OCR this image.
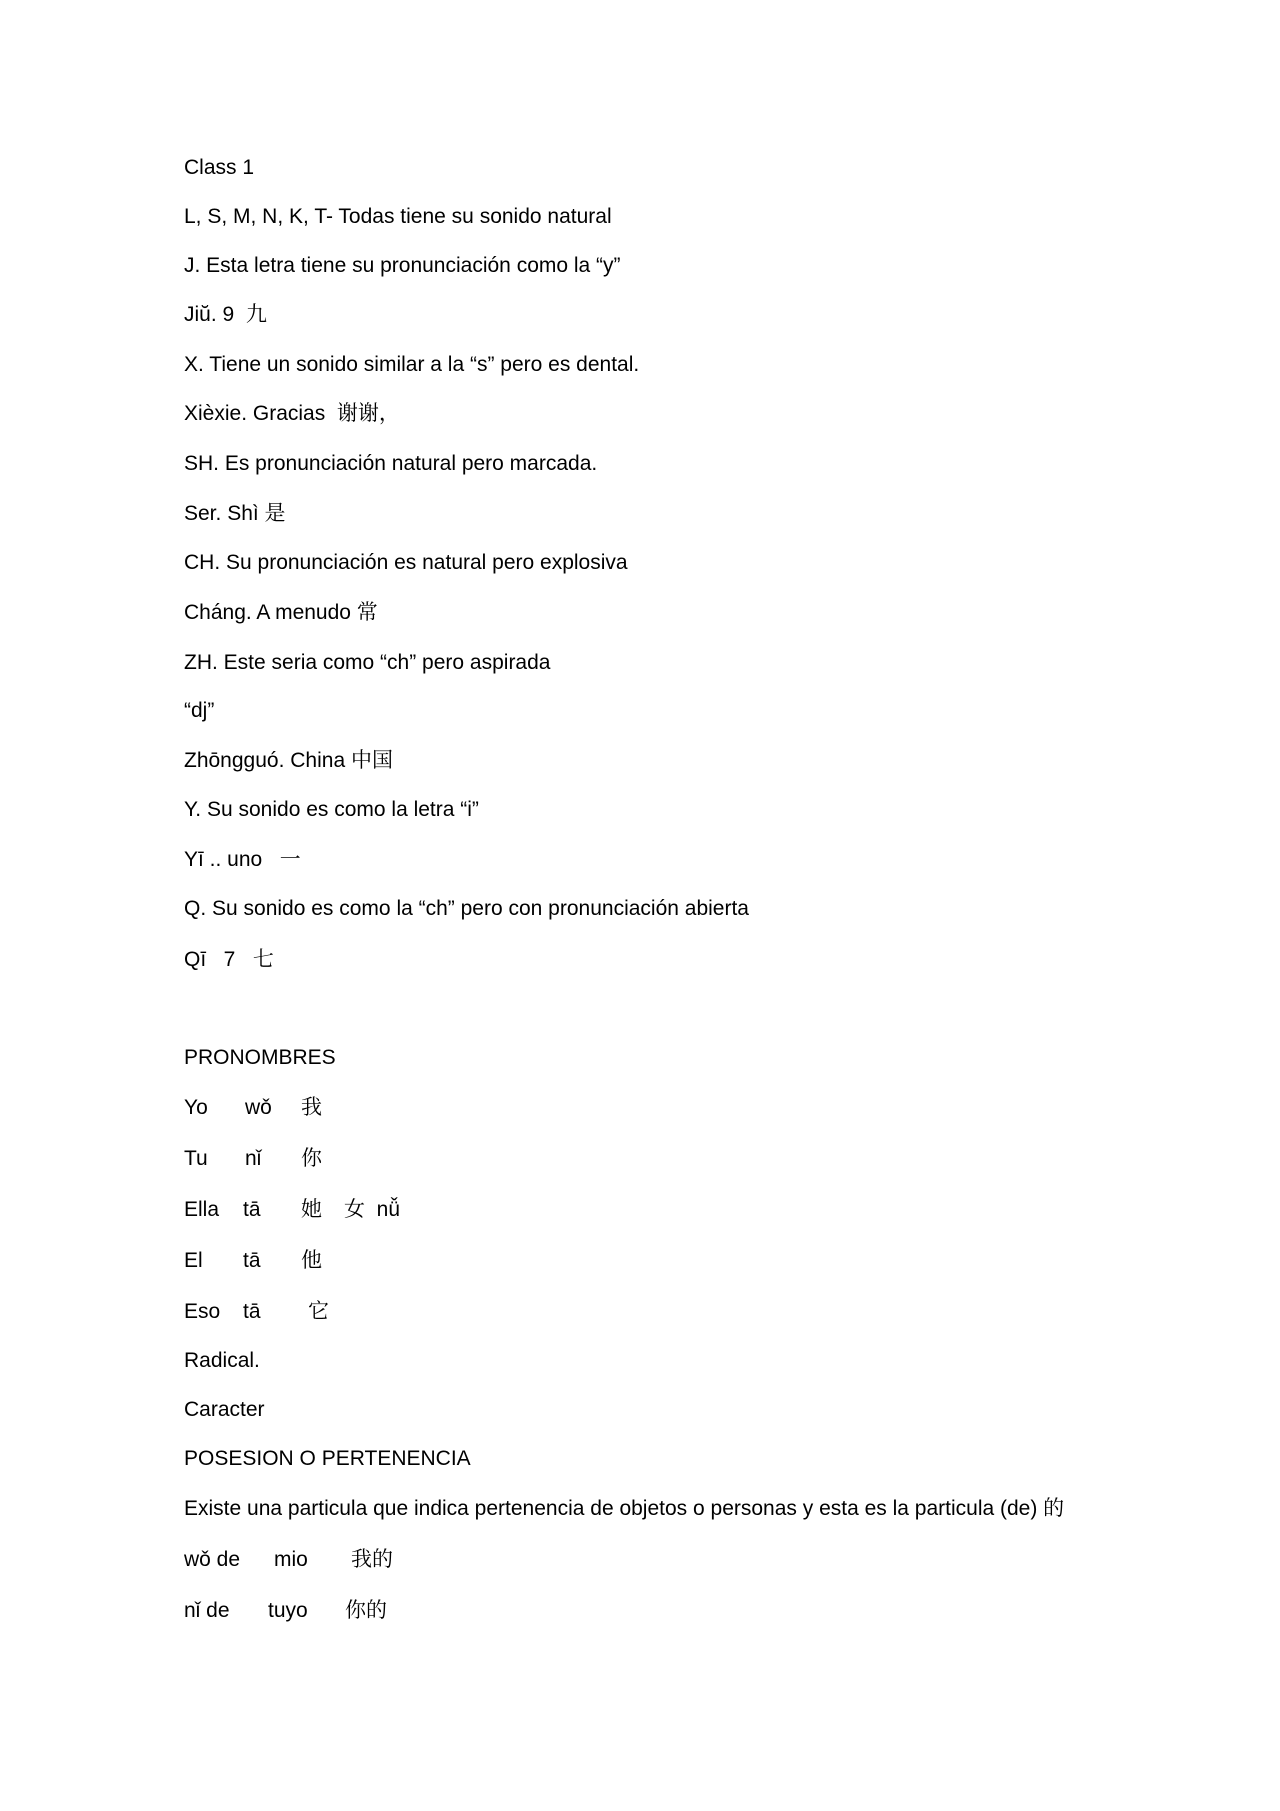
Class 1
L, S, M, N, K, T- Todas tiene su sonido natural
J. Esta letra tiene su pronunciación como la “y”
Jiŭ. 9  九
X. Tiene un sonido similar a la “s” pero es dental.
Xièxie. Gracias  谢谢，
SH. Es pronunciación natural pero marcada.
Ser. Shì 是
CH. Su pronunciación es natural pero explosiva
Cháng. A menudo 常
ZH. Este seria como “ch” pero aspirada
“dj”
Zhōngguó. China 中国
Y. Su sonido es como la letra “i”
Yī .. uno   一
Q. Su sonido es como la “ch” pero con pronunciación abierta
Qī   7   七
PRONOMBRES

Yo

wǒ

我

Tu

nǐ

你

Ella

tā

她

女  nǚ

El

tā

他

Eso

tā

它

Radical.
Caracter
POSESION O PERTENENCIA
Existe una particula que indica pertenencia de objetos o personas y esta es la particula (de) 的

wǒ de

mio

我的

nǐ de

tuyo

你的
